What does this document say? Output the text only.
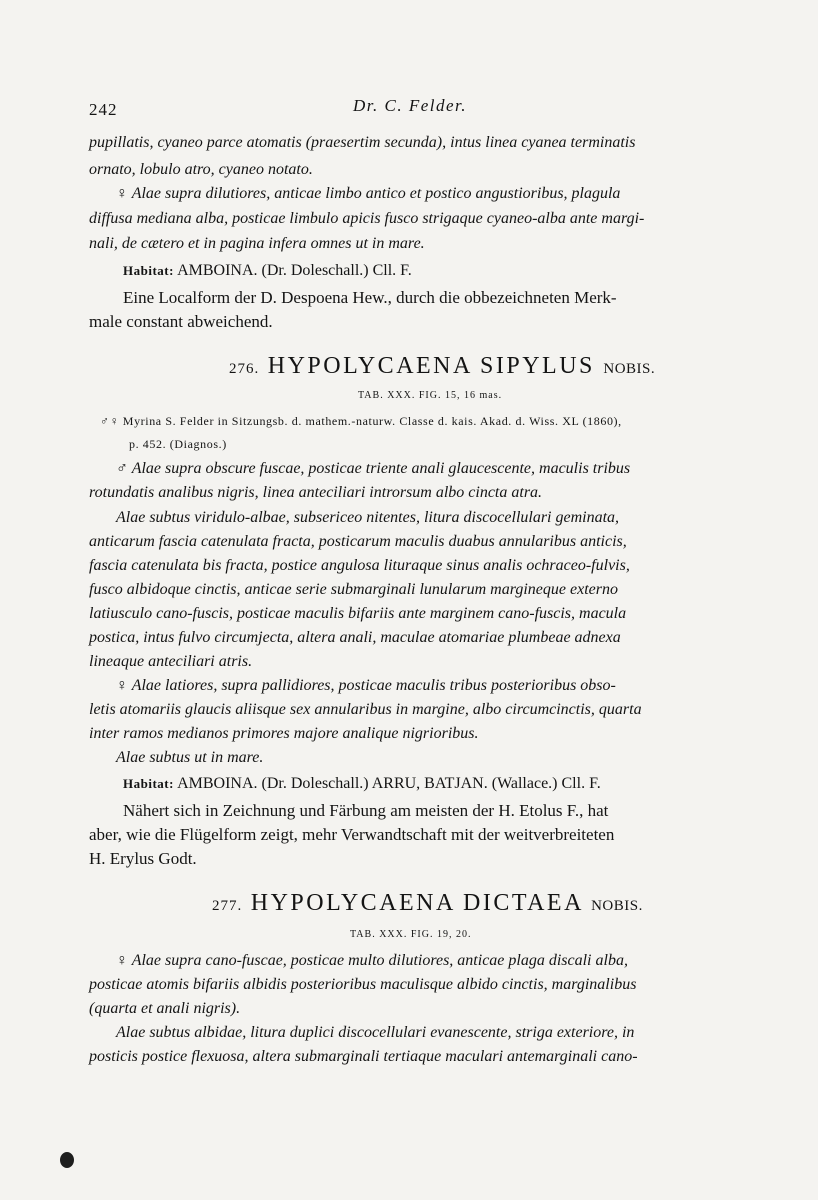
242	Dr. C. Felder.

pupillatis, cyaneo parce atomatis (praesertim secunda), intus linea cyanea terminatis

ornato, lobulo atro, cyaneo notato.

♀ Alae supra dilutiores, anticae limbo antico et postico angustioribus, plagula

diffusa mediana alba, posticae limbulo apicis fusco strigaque cyaneo-alba ante margi-

nali, de cætero et in pagina infera omnes ut in mare.

Habitat: AMBOINA. (Dr. Doleschall.) Cll. F.

Eine Localform der D. Despoena Hew., durch die obbezeichneten Merk-

male constant abweichend.

276. HYPOLYCAENA SIPYLUS NOBIS.

TAB. XXX. FIG. 15, 16 mas.

♂♀ Myrina S. Felder in Sitzungsb. d. mathem.-naturw. Classe d. kais. Akad. d. Wiss. XL (1860),

p. 452. (Diagnos.)

♂ Alae supra obscure fuscae, posticae triente anali glaucescente, maculis tribus

rotundatis analibus nigris, linea anteciliari introrsum albo cincta atra.

Alae subtus viridulo-albae, subsericeo nitentes, litura discocellulari geminata,

anticarum fascia catenulata fracta, posticarum maculis duabus annularibus anticis,

fascia catenulata bis fracta, postice angulosa lituraque sinus analis ochraceo-fulvis,

fusco albidoque cinctis, anticae serie submarginali lunularum margineque externo

latiusculo cano-fuscis, posticae maculis bifariis ante marginem cano-fuscis, macula

postica, intus fulvo circumjecta, altera anali, maculae atomariae plumbeae adnexa

lineaque anteciliari atris.

♀ Alae latiores, supra pallidiores, posticae maculis tribus posterioribus obso-

letis atomariis glaucis aliisque sex annularibus in margine, albo circumcinctis, quarta

inter ramos medianos primores majore analique nigrioribus.

Alae subtus ut in mare.

Habitat: AMBOINA. (Dr. Doleschall.) ARRU, BATJAN. (Wallace.) Cll. F.

Nähert sich in Zeichnung und Färbung am meisten der H. Etolus F., hat

aber, wie die Flügelform zeigt, mehr Verwandtschaft mit der weitverbreiteten

H. Erylus Godt.

277. HYPOLYCAENA DICTAEA NOBIS.

TAB. XXX. FIG. 19, 20.

♀ Alae supra cano-fuscae, posticae multo dilutiores, anticae plaga discali alba,

posticae atomis bifariis albidis posterioribus maculisque albido cinctis, marginalibus

(quarta et anali nigris).

Alae subtus albidae, litura duplici discocellulari evanescente, striga exteriore, in

posticis postice flexuosa, altera submarginali tertiaque maculari antemarginali cano-
